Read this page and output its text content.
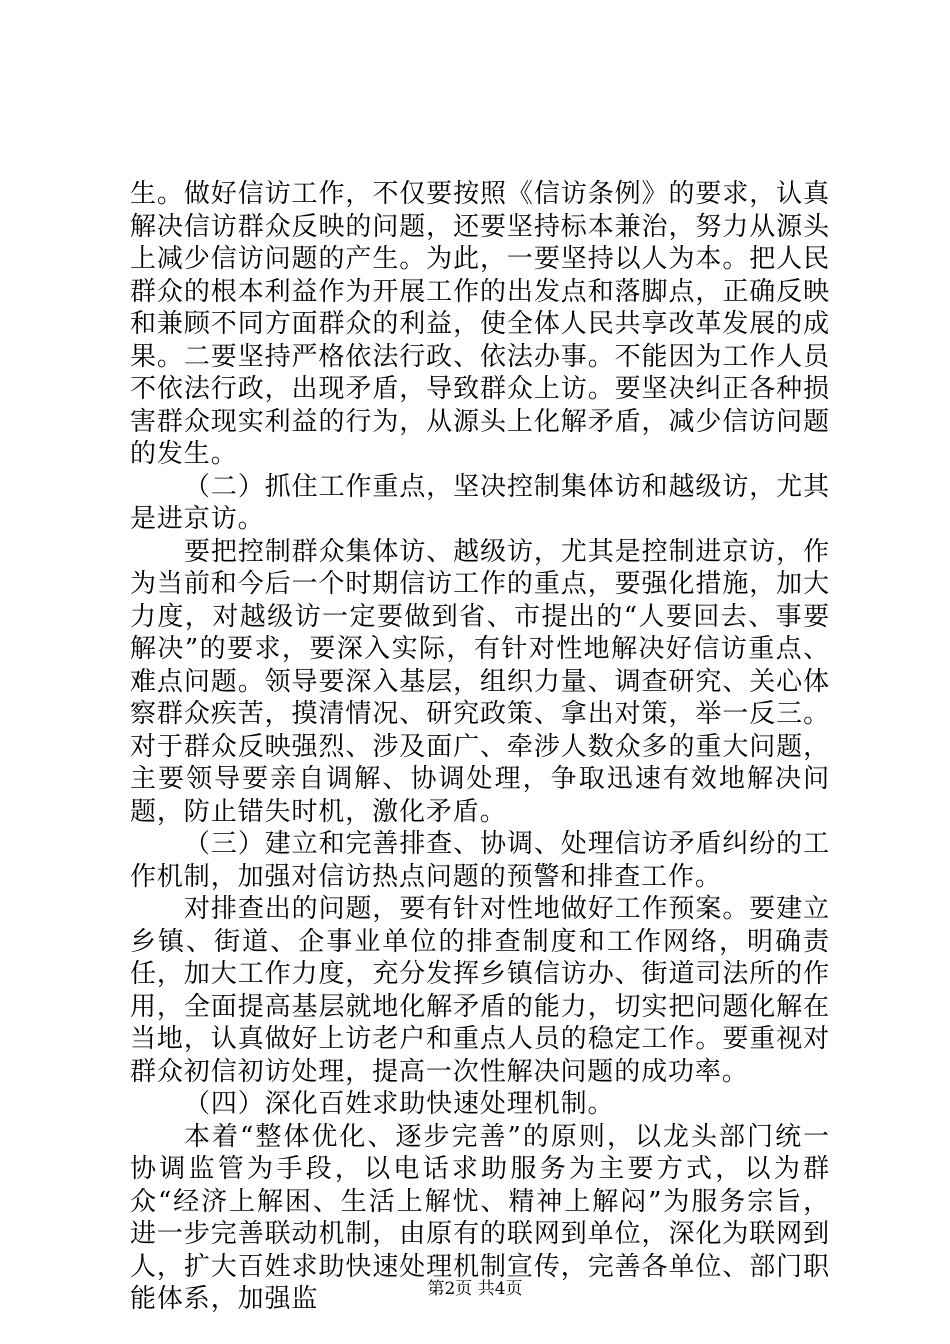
生。做好信访工作，不仅要按照《信访条例》的要求，认真解决信访群众反映的问题，还要坚持标本兼治，努力从源头上减少信访问题的产生。为此，一要坚持以人为本。把人民群众的根本利益作为开展工作的出发点和落脚点，正确反映和兼顾不同方面群众的利益，使全体人民共享改革发展的成果。二要坚持严格依法行政、依法办事。不能因为工作人员不依法行政，出现矛盾，导致群众上访。要坚决纠正各种损害群众现实利益的行为，从源头上化解矛盾，减少信访问题的发生。

（二）抓住工作重点，坚决控制集体访和越级访，尤其是进京访。

要把控制群众集体访、越级访，尤其是控制进京访，作为当前和今后一个时期信访工作的重点，要强化措施，加大力度，对越级访一定要做到省、市提出的“人要回去、事要解决”的要求，要深入实际，有针对性地解决好信访重点、难点问题。领导要深入基层，组织力量、调查研究、关心体察群众疾苦，摸清情况、研究政策、拿出对策，举一反三。对于群众反映强烈、涉及面广、牵涉人数众多的重大问题，主要领导要亲自调解、协调处理，争取迅速有效地解决问题，防止错失时机，激化矛盾。

（三）建立和完善排查、协调、处理信访矛盾纠纷的工作机制，加强对信访热点问题的预警和排查工作。

对排查出的问题，要有针对性地做好工作预案。要建立乡镇、街道、企事业单位的排查制度和工作网络，明确责任，加大工作力度，充分发挥乡镇信访办、街道司法所的作用，全面提高基层就地化解矛盾的能力，切实把问题化解在当地，认真做好上访老户和重点人员的稳定工作。要重视对群众初信初访处理，提高一次性解决问题的成功率。

（四）深化百姓求助快速处理机制。

本着“整体优化、逐步完善”的原则，以龙头部门统一协调监管为手段，以电话求助服务为主要方式，以为群众“经济上解困、生活上解忧、精神上解闷”为服务宗旨，进一步完善联动机制，由原有的联网到单位，深化为联网到人，扩大百姓求助快速处理机制宣传，完善各单位、部门职能体系，加强监	第2页 共4页
